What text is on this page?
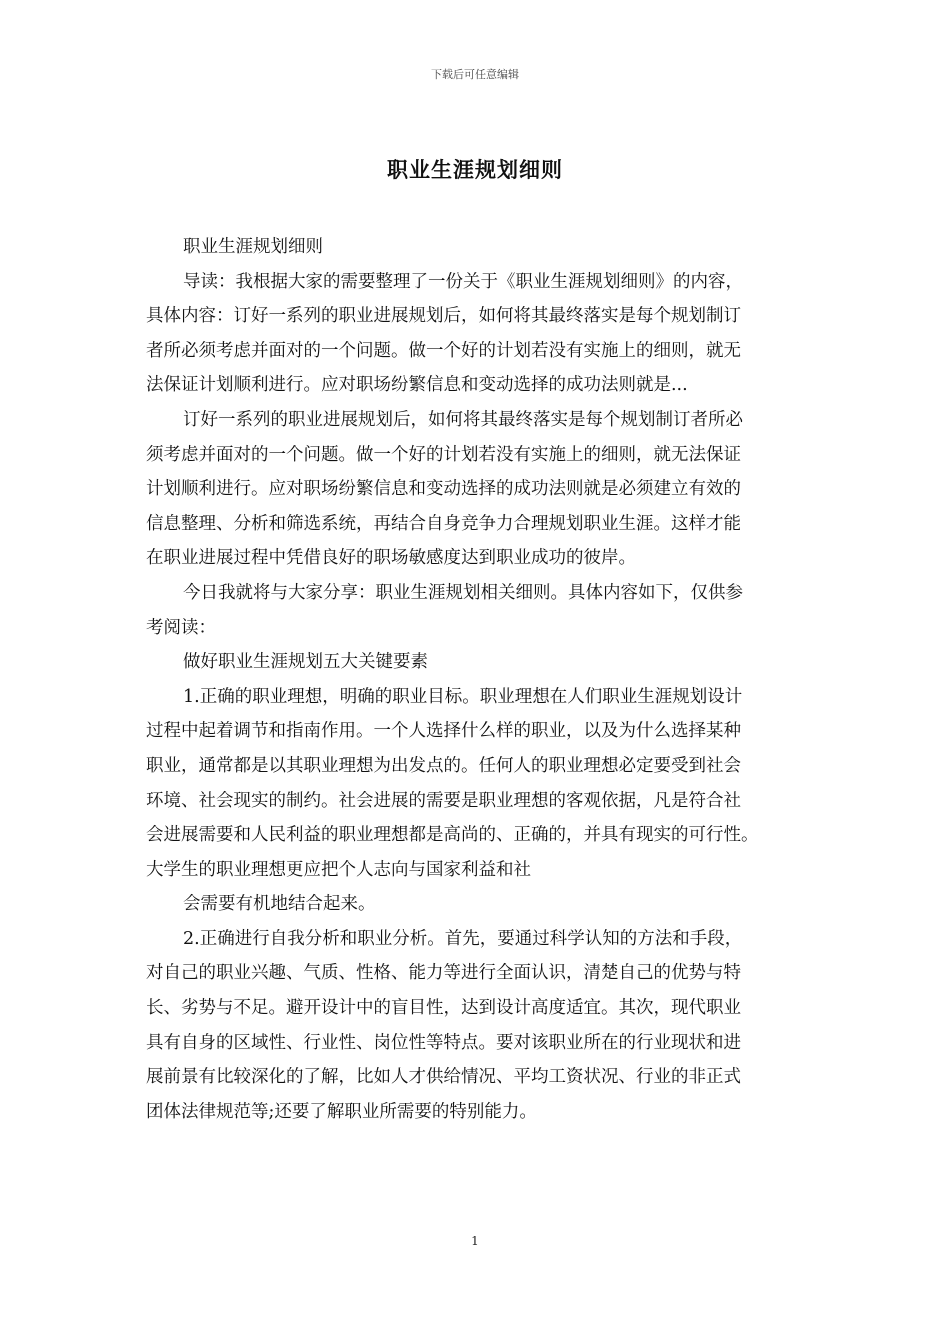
下载后可任意编辑
职业生涯规划细则
职业生涯规划细则
导读：我根据大家的需要整理了一份关于《职业生涯规划细则》的内容，
具体内容：订好一系列的职业进展规划后，如何将其最终落实是每个规划制订
者所必须考虑并面对的一个问题。做一个好的计划若没有实施上的细则，就无
法保证计划顺利进行。应对职场纷繁信息和变动选择的成功法则就是...
订好一系列的职业进展规划后，如何将其最终落实是每个规划制订者所必
须考虑并面对的一个问题。做一个好的计划若没有实施上的细则，就无法保证
计划顺利进行。应对职场纷繁信息和变动选择的成功法则就是必须建立有效的
信息整理、分析和筛选系统，再结合自身竞争力合理规划职业生涯。这样才能
在职业进展过程中凭借良好的职场敏感度达到职业成功的彼岸。
今日我就将与大家分享：职业生涯规划相关细则。具体内容如下，仅供参
考阅读：
做好职业生涯规划五大关键要素
1.正确的职业理想，明确的职业目标。职业理想在人们职业生涯规划设计
过程中起着调节和指南作用。一个人选择什么样的职业，以及为什么选择某种
职业，通常都是以其职业理想为出发点的。任何人的职业理想必定要受到社会
环境、社会现实的制约。社会进展的需要是职业理想的客观依据，凡是符合社
会进展需要和人民利益的职业理想都是高尚的、正确的，并具有现实的可行性。
大学生的职业理想更应把个人志向与国家利益和社
会需要有机地结合起来。
2.正确进行自我分析和职业分析。首先，要通过科学认知的方法和手段，
对自己的职业兴趣、气质、性格、能力等进行全面认识，清楚自己的优势与特
长、劣势与不足。避开设计中的盲目性，达到设计高度适宜。其次，现代职业
具有自身的区域性、行业性、岗位性等特点。要对该职业所在的行业现状和进
展前景有比较深化的了解，比如人才供给情况、平均工资状况、行业的非正式
团体法律规范等;还要了解职业所需要的特别能力。
1
